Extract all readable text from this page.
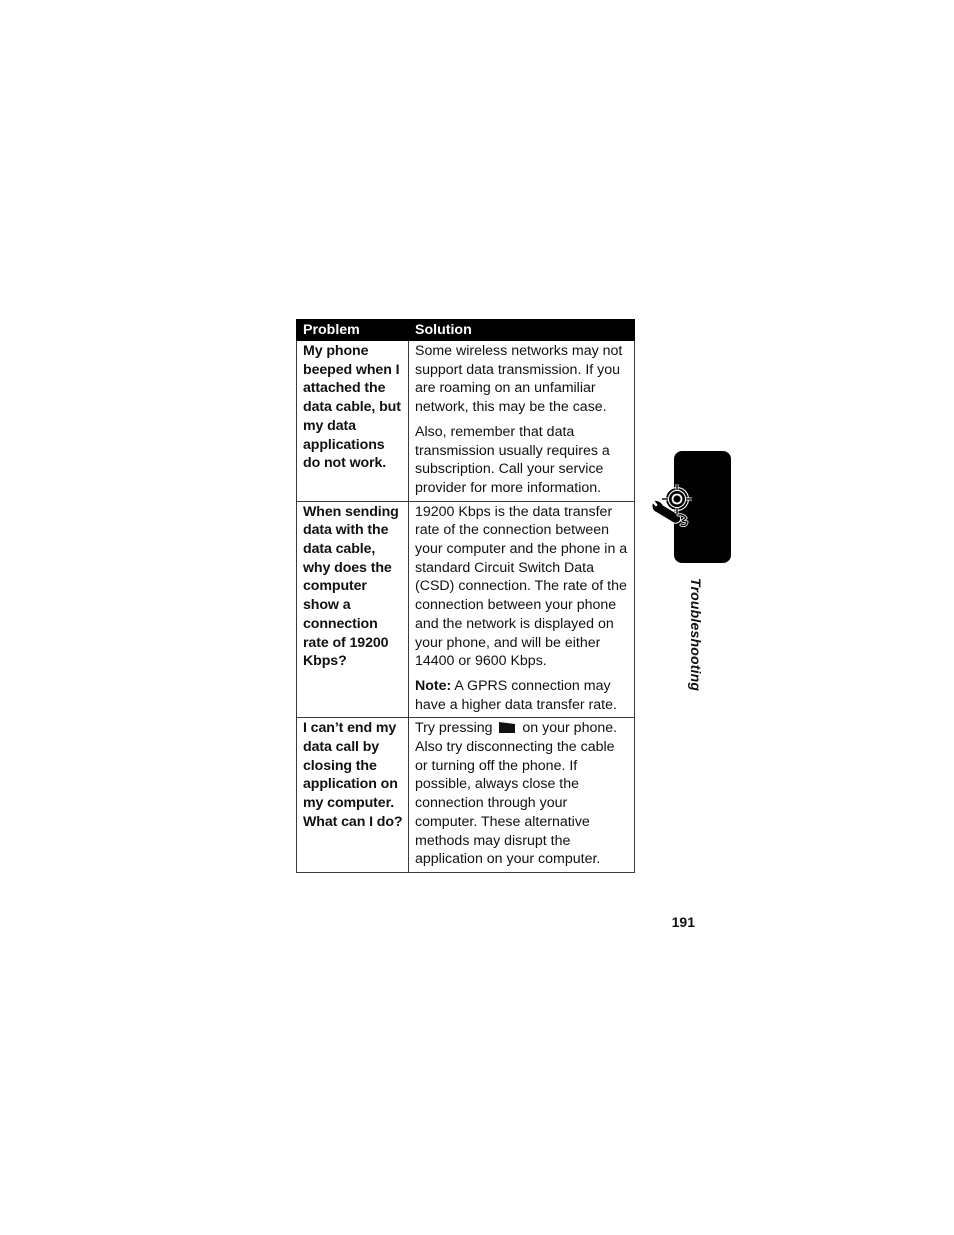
Problem	Solution
My phone beeped when I attached the data cable, but my data applications do not work.	Some wireless networks may not support data transmission. If you are roaming on an unfamiliar network, this may be the case.

Also, remember that data transmission usually requires a subscription. Call your service provider for more information.

When sending data with the data cable, why does the computer show a connection rate of 19200 Kbps?	19200 Kbps is the data transfer rate of the connection between your computer and the phone in a standard Circuit Switch Data (CSD) connection. The rate of the connection between your phone and the network is displayed on your phone, and will be either 14400 or 9600 Kbps.

Note: A GPRS connection may have a higher data transfer rate.

I can’t end my data call by closing the application on my computer. What can I do?	Try pressing  on your phone. Also try disconnecting the cable or turning off the phone. If possible, always close the connection through your computer. These alternative methods may disrupt the application on your computer.

Troubleshooting
191
